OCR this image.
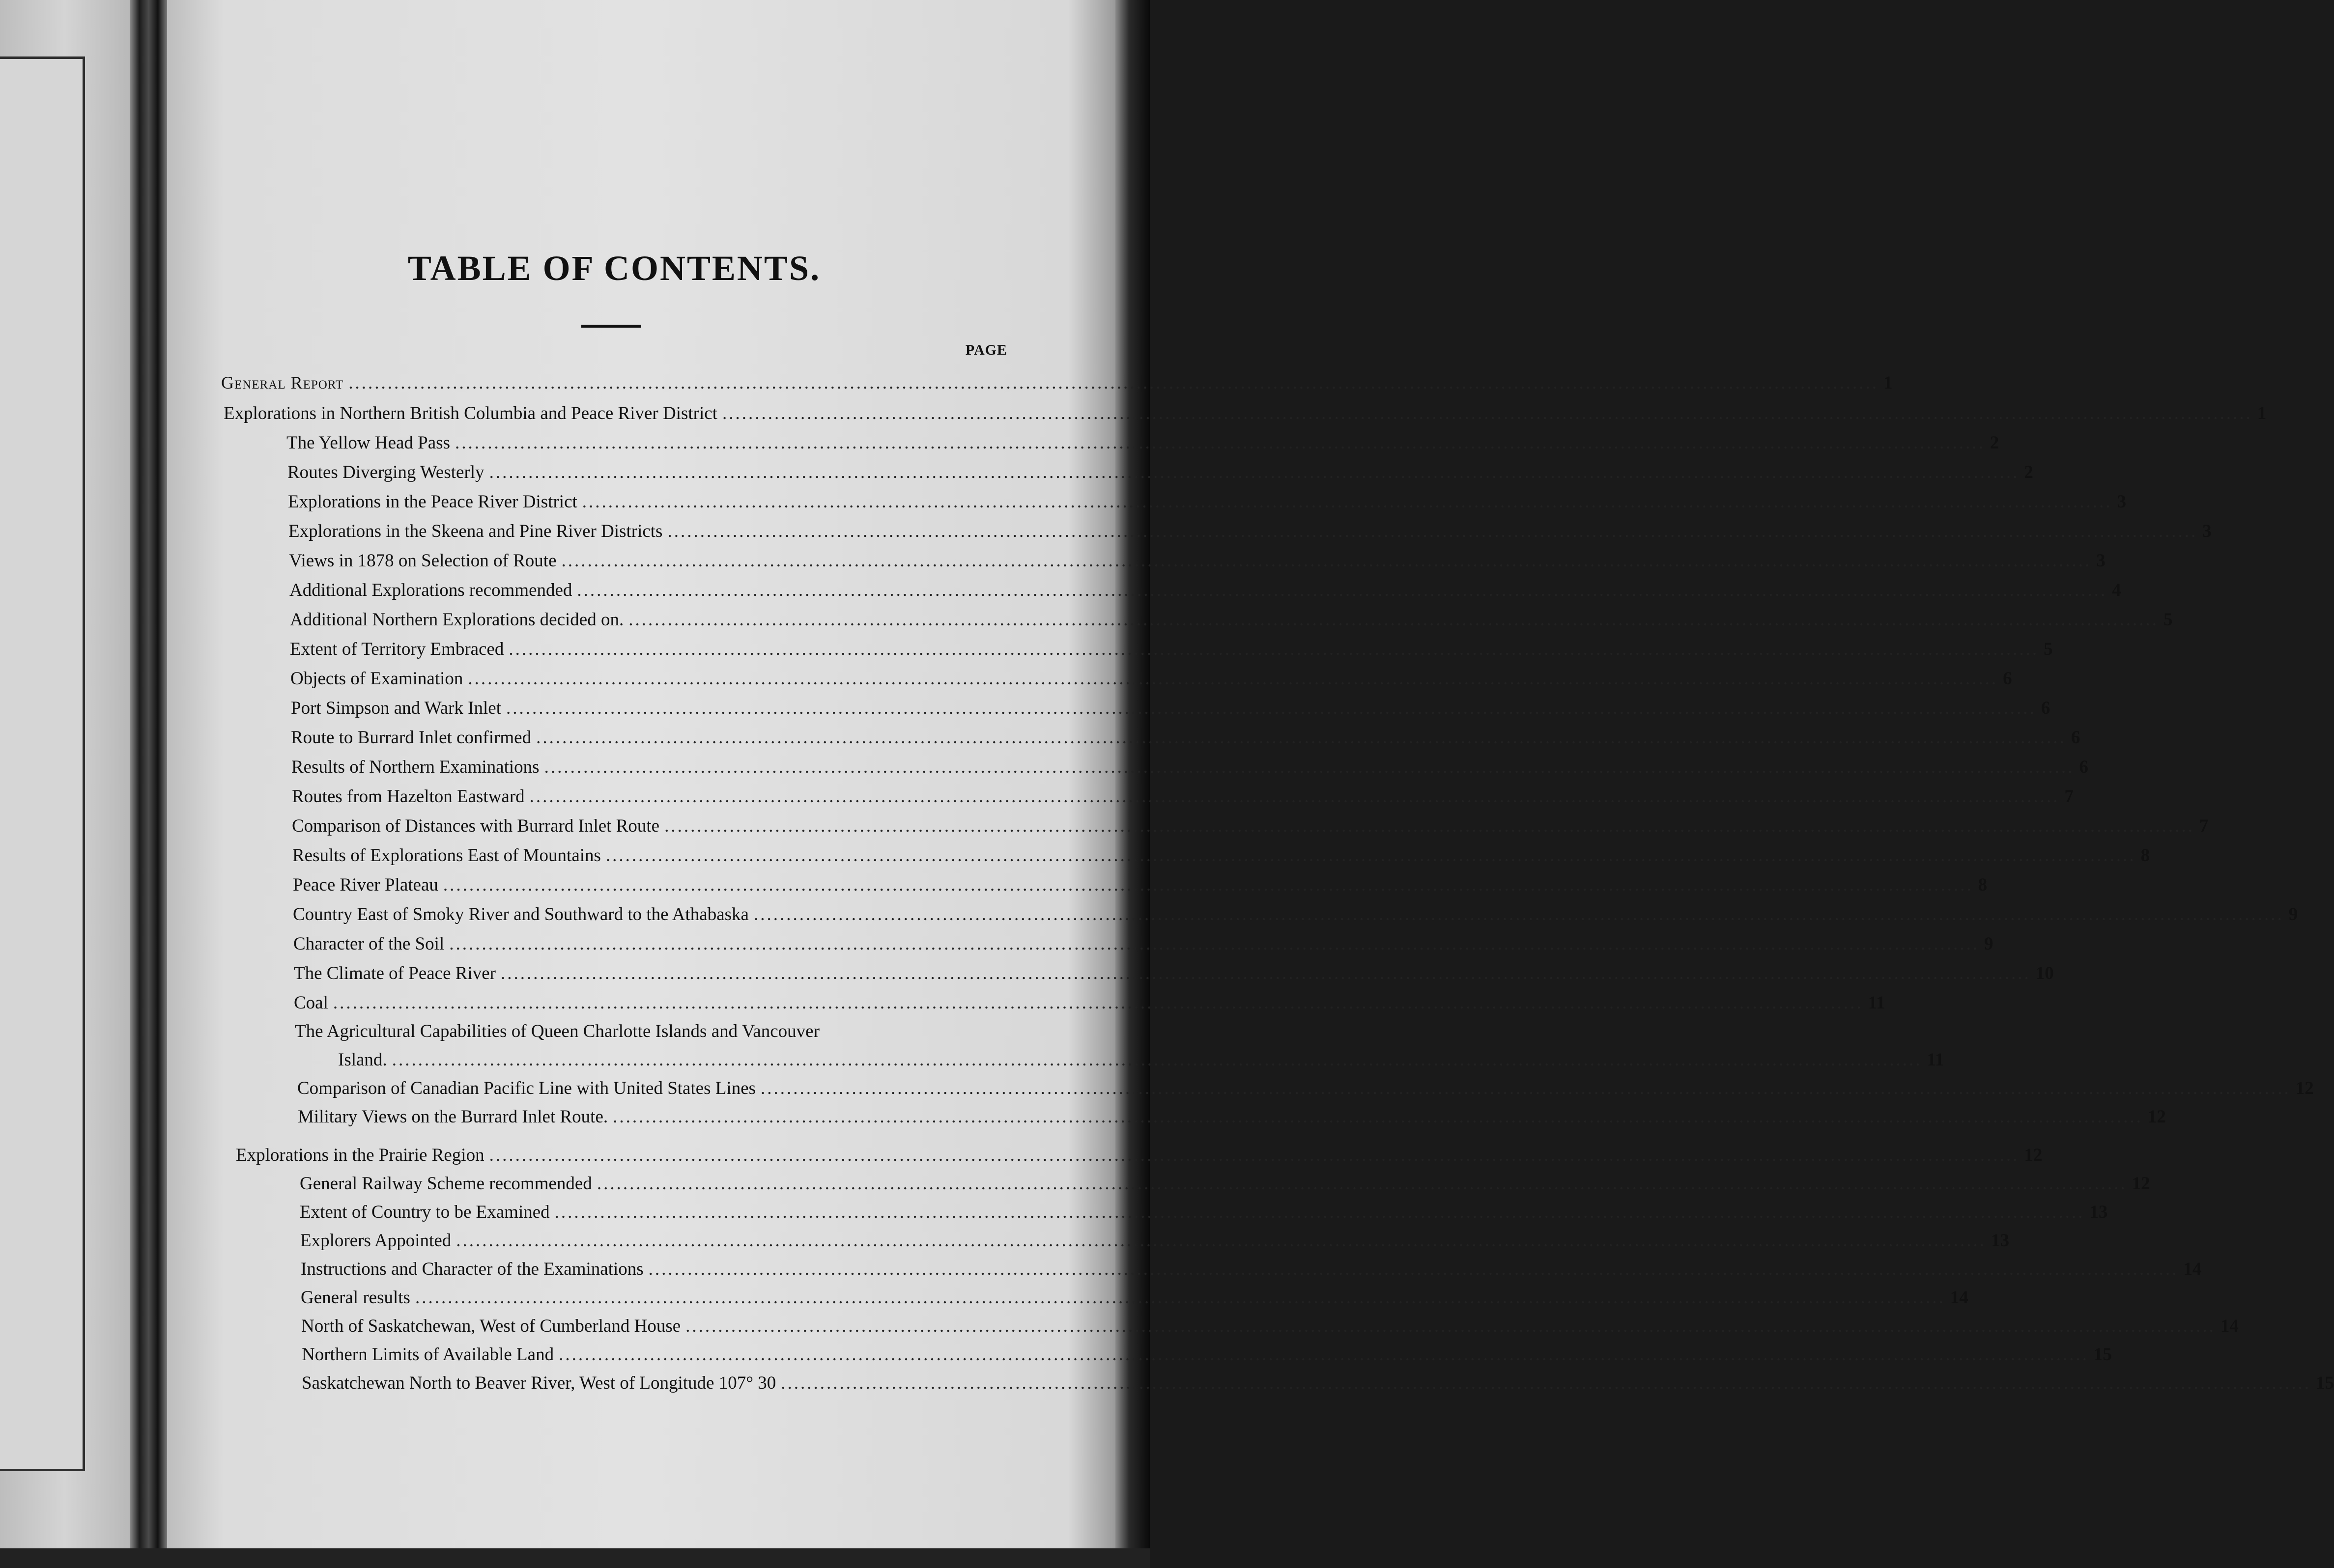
TABLE OF CONTENTS.
PAGE
General Report ........................................................................................................................................................................................................................................... 1
Explorations in Northern British Columbia and Peace River District ........................................................................................................................................................................................................................................... 1
The Yellow Head Pass ........................................................................................................................................................................................................................................... 2
Routes Diverging Westerly ........................................................................................................................................................................................................................................... 2
Explorations in the Peace River District ........................................................................................................................................................................................................................................... 3
Explorations in the Skeena and Pine River Districts ........................................................................................................................................................................................................................................... 3
Views in 1878 on Selection of Route ........................................................................................................................................................................................................................................... 3
Additional Explorations recommended ........................................................................................................................................................................................................................................... 4
Additional Northern Explorations decided on. ........................................................................................................................................................................................................................................... 5
Extent of Territory Embraced ........................................................................................................................................................................................................................................... 5
Objects of Examination ........................................................................................................................................................................................................................................... 6
Port Simpson and Wark Inlet ........................................................................................................................................................................................................................................... 6
Route to Burrard Inlet confirmed ........................................................................................................................................................................................................................................... 6
Results of Northern Examinations ........................................................................................................................................................................................................................................... 6
Routes from Hazelton Eastward ........................................................................................................................................................................................................................................... 7
Comparison of Distances with Burrard Inlet Route ........................................................................................................................................................................................................................................... 7
Results of Explorations East of Mountains ........................................................................................................................................................................................................................................... 8
Peace River Plateau ........................................................................................................................................................................................................................................... 8
Country East of Smoky River and Southward to the Athabaska ........................................................................................................................................................................................................................................... 9
Character of the Soil ........................................................................................................................................................................................................................................... 9
The Climate of Peace River ........................................................................................................................................................................................................................................... 10
Coal ........................................................................................................................................................................................................................................... 11
The Agricultural Capabilities of Queen Charlotte Islands and Vancouver
Island. ........................................................................................................................................................................................................................................... 11
Comparison of Canadian Pacific Line with United States Lines ........................................................................................................................................................................................................................................... 12
Military Views on the Burrard Inlet Route. ........................................................................................................................................................................................................................................... 12
Explorations in the Prairie Region ........................................................................................................................................................................................................................................... 12
General Railway Scheme recommended ........................................................................................................................................................................................................................................... 12
Extent of Country to be Examined ........................................................................................................................................................................................................................................... 13
Explorers Appointed ........................................................................................................................................................................................................................................... 13
Instructions and Character of the Examinations ........................................................................................................................................................................................................................................... 14
General results ........................................................................................................................................................................................................................................... 14
North of Saskatchewan, West of Cumberland House ........................................................................................................................................................................................................................................... 14
Northern Limits of Available Land ........................................................................................................................................................................................................................................... 15
Saskatchewan North to Beaver River, West of Longitude 107° 30 ........................................................................................................................................................................................................................................... 15
